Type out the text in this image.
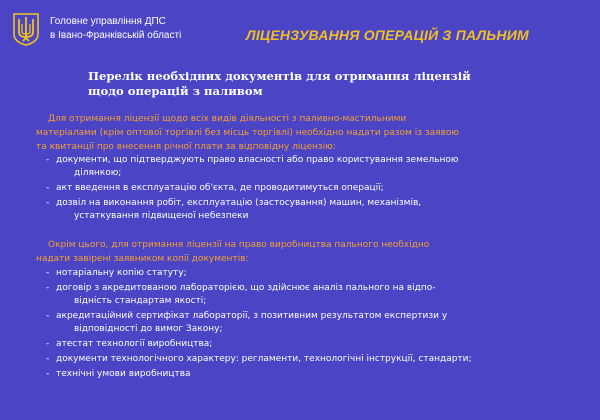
Головне управління ДПС
в Івано-Франківській області	ЛІЦЕНЗУВАННЯ ОПЕРАЦІЙ З ПАЛЬНИМ
Перелік необхідних документів для отримання ліцензій
щодо операцій з паливом
Для отримання ліцензії щодо всіх видів діяльності з паливно-мастильними
матеріалами (крім оптової торгівлі без місць торгівлі) необхідно надати разом із заявою
та квитанції про внесення річної плати за відповідну ліцензію:
- документи, що підтверджують право власності або право користування земельною
ділянкою;
- акт введення в експлуатацію об'єкта, де проводитимуться операції;
- дозвіл на виконання робіт, експлуатацію (застосування) машин, механізмів,
устаткування підвищеної небезпеки
Окрім цього, для отримання ліцензії на право виробництва пального необхідно
надати завірені заявником копії документів:
- нотаріальну копію статуту;
- договір з акредитованою лабораторією, що здійснює аналіз пального на відпо-
відність стандартам якості;
- акредитаційний сертифікат лабораторії, з позитивним результатом експертизи у
відповідності до вимог Закону;
- атестат технології виробництва;
- документи технологічного характеру: регламенти, технологічні інструкції, стандарти;
- технічні умови виробництва
